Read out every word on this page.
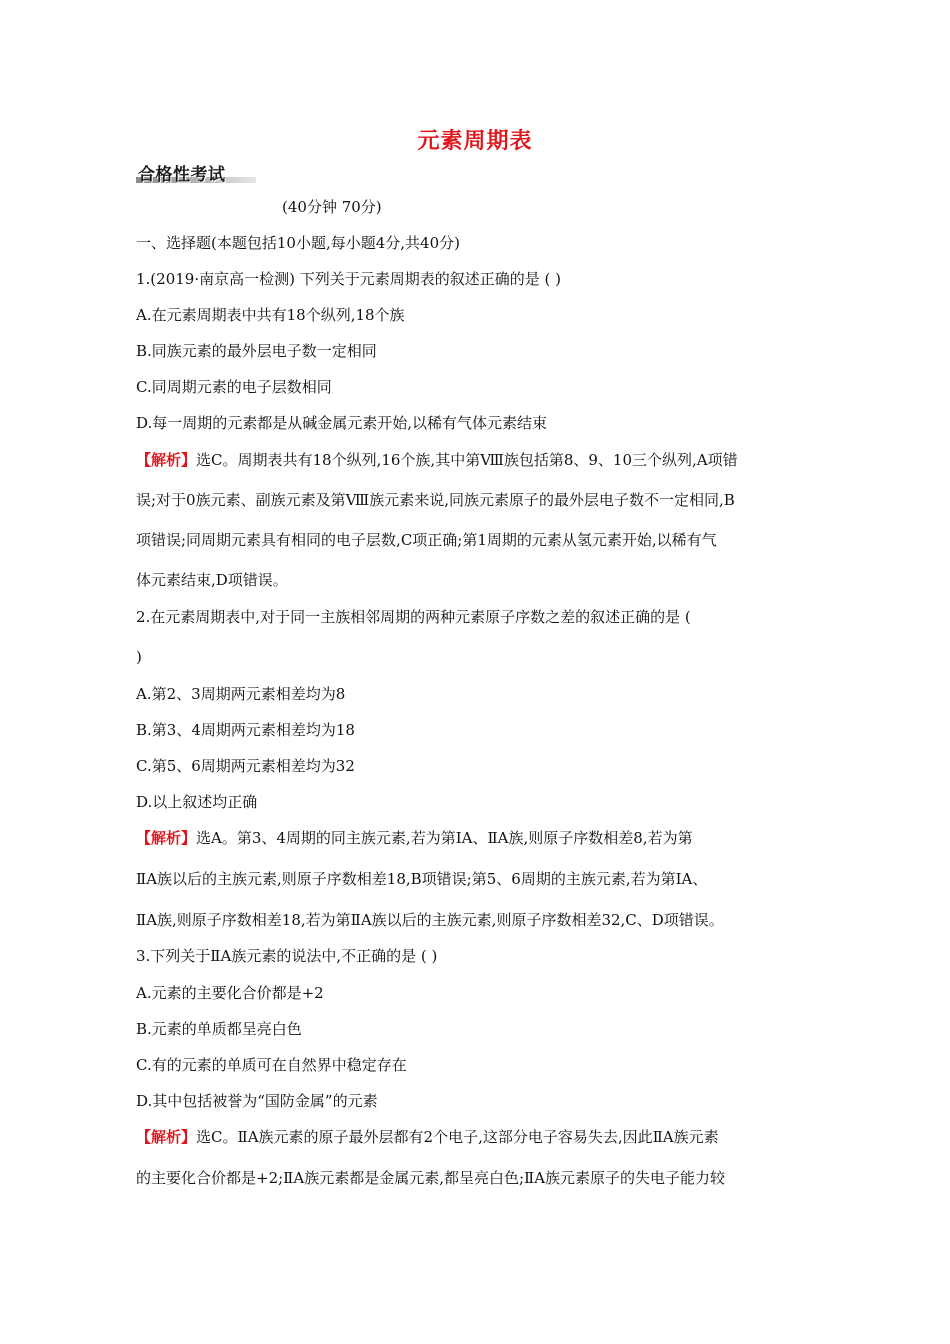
元素周期表
合格性考试
(40分钟 70分)
一、选择题(本题包括10小题,每小题4分,共40分)
1.(2019·南京高一检测) 下列关于元素周期表的叙述正确的是 ( )
A.在元素周期表中共有18个纵列,18个族
B.同族元素的最外层电子数一定相同
C.同周期元素的电子层数相同
D.每一周期的元素都是从碱金属元素开始,以稀有气体元素结束
【解析】选C。周期表共有18个纵列,16个族,其中第Ⅷ族包括第8、9、10三个纵列,A项错
误;对于0族元素、副族元素及第Ⅷ族元素来说,同族元素原子的最外层电子数不一定相同,B
项错误;同周期元素具有相同的电子层数,C项正确;第1周期的元素从氢元素开始,以稀有气
体元素结束,D项错误。
2.在元素周期表中,对于同一主族相邻周期的两种元素原子序数之差的叙述正确的是 (
)
A.第2、3周期两元素相差均为8
B.第3、4周期两元素相差均为18
C.第5、6周期两元素相差均为32
D.以上叙述均正确
【解析】选A。第3、4周期的同主族元素,若为第ⅠA、ⅡA族,则原子序数相差8,若为第
ⅡA族以后的主族元素,则原子序数相差18,B项错误;第5、6周期的主族元素,若为第ⅠA、
ⅡA族,则原子序数相差18,若为第ⅡA族以后的主族元素,则原子序数相差32,C、D项错误。
3.下列关于ⅡA族元素的说法中,不正确的是 ( )
A.元素的主要化合价都是+2
B.元素的单质都呈亮白色
C.有的元素的单质可在自然界中稳定存在
D.其中包括被誉为“国防金属”的元素
【解析】选C。ⅡA族元素的原子最外层都有2个电子,这部分电子容易失去,因此ⅡA族元素
的主要化合价都是+2;ⅡA族元素都是金属元素,都呈亮白色;ⅡA族元素原子的失电子能力较
